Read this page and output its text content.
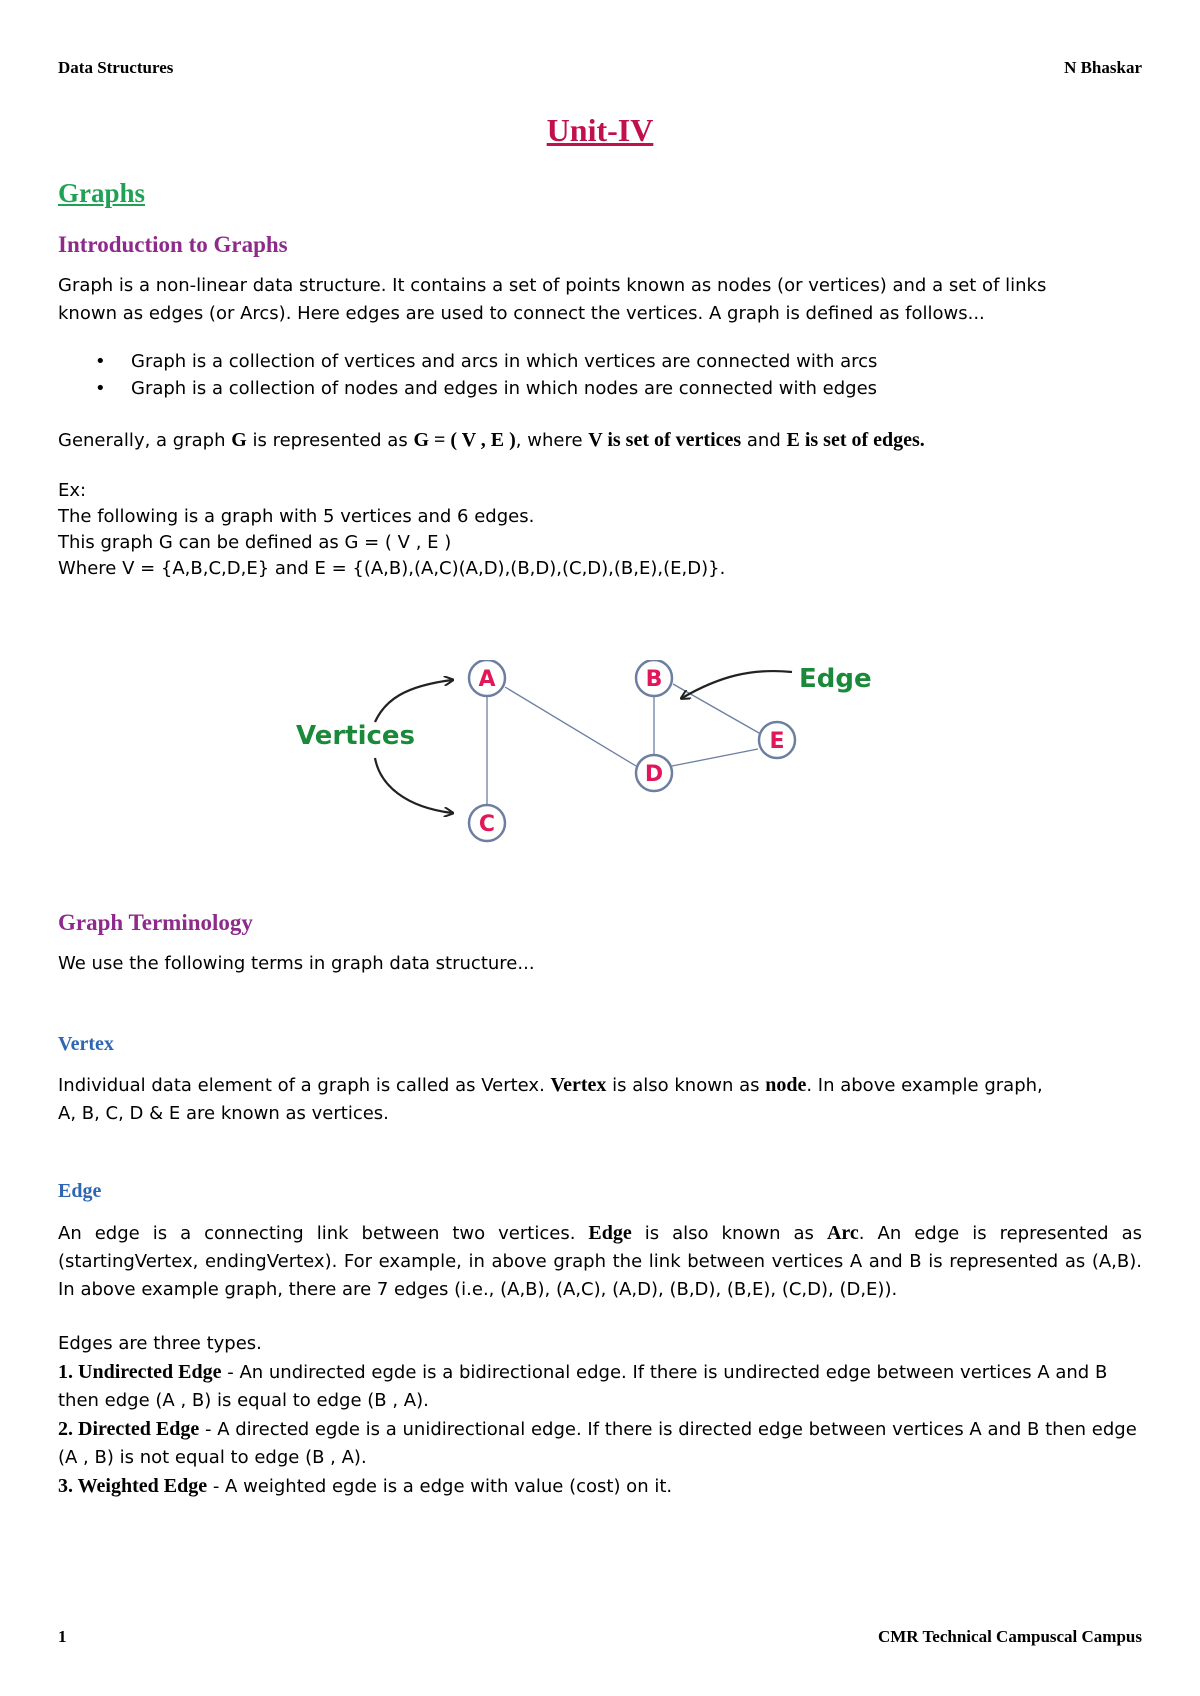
Data Structures	N Bhaskar
Unit-IV
Graphs
Introduction to Graphs
Graph is a non-linear data structure. It contains a set of points known as nodes (or vertices) and a set of links
known as edges (or Arcs). Here edges are used to connect the vertices. A graph is defined as follows...
• Graph is a collection of vertices and arcs in which vertices are connected with arcs
• Graph is a collection of nodes and edges in which nodes are connected with edges
Generally, a graph G is represented as G = ( V , E ), where V is set of vertices and E is set of edges.
Ex:
The following is a graph with 5 vertices and 6 edges.
This graph G can be defined as G = ( V , E )
Where V = {A,B,C,D,E} and E = {(A,B),(A,C)(A,D),(B,D),(C,D),(B,E),(E,D)}.
A	B
C
D
E
Vertices
Edge
Graph Terminology
We use the following terms in graph data structure...
Vertex
Individual data element of a graph is called as Vertex. Vertex is also known as node. In above example graph,
A, B, C, D & E are known as vertices.
Edge
An edge is a connecting link between two vertices. Edge is also known as Arc. An edge is represented as (startingVertex, endingVertex). For example, in above graph the link between vertices A and B is represented as (A,B). In above example graph, there are 7 edges (i.e., (A,B), (A,C), (A,D), (B,D), (B,E), (C,D), (D,E)).
Edges are three types.
1. Undirected Edge - An undirected egde is a bidirectional edge. If there is undirected edge between vertices A and B then edge (A , B) is equal to edge (B , A).
2. Directed Edge - A directed egde is a unidirectional edge. If there is directed edge between vertices A and B then edge (A , B) is not equal to edge (B , A).
3. Weighted Edge - A weighted egde is a edge with value (cost) on it.
1	CMR Technical Campuscal Campus
